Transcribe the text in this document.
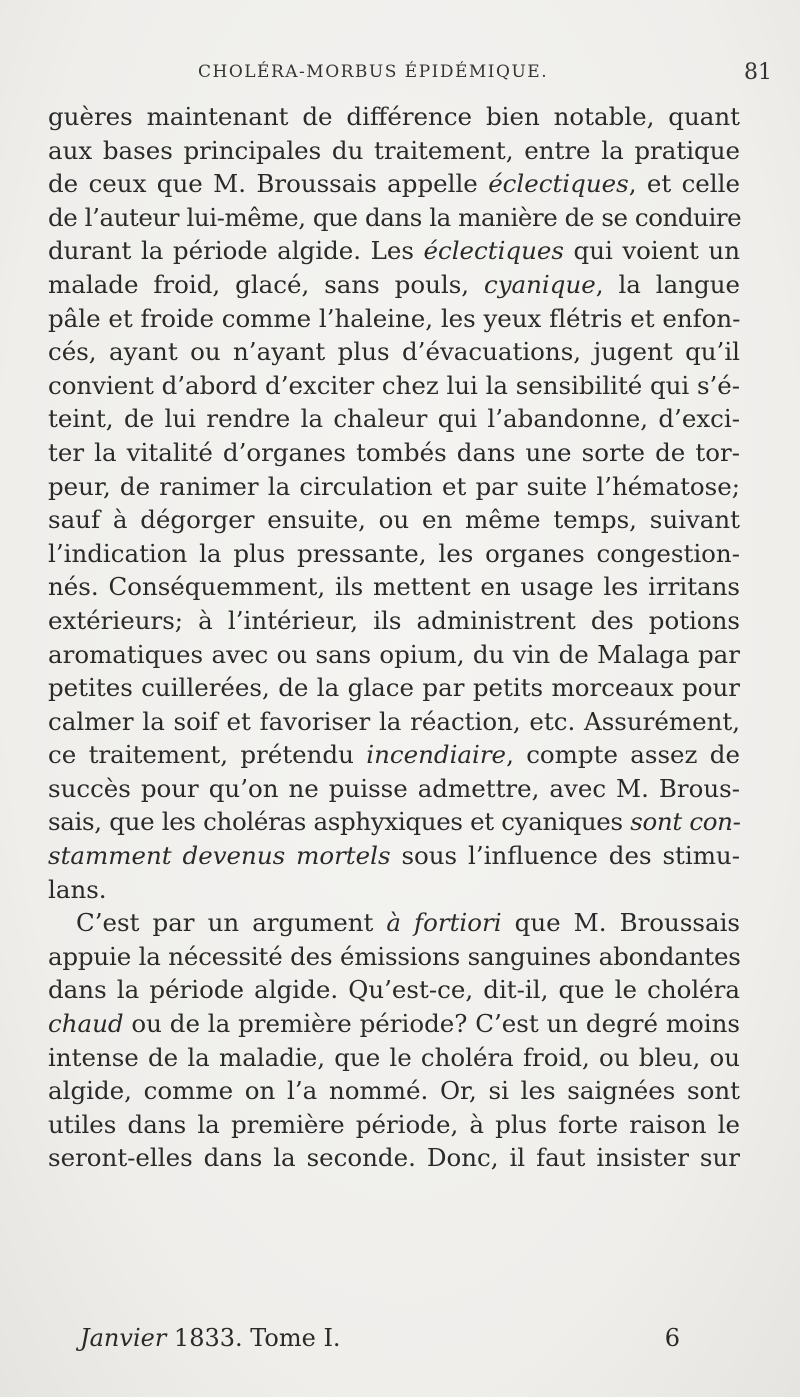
CHOLÉRA-MORBUS ÉPIDÉMIQUE.	81
guères maintenant de différence bien notable, quant
aux bases principales du traitement, entre la pratique
de ceux que M. Broussais appelle éclectiques, et celle
de l’auteur lui-même, que dans la manière de se conduire
durant la période algide. Les éclectiques qui voient un
malade froid, glacé, sans pouls, cyanique, la langue
pâle et froide comme l’haleine, les yeux flétris et enfon-
cés, ayant ou n’ayant plus d’évacuations, jugent qu’il
convient d’abord d’exciter chez lui la sensibilité qui s’é-
teint, de lui rendre la chaleur qui l’abandonne, d’exci-
ter la vitalité d’organes tombés dans une sorte de tor-
peur, de ranimer la circulation et par suite l’hématose;
sauf à dégorger ensuite, ou en même temps, suivant
l’indication la plus pressante, les organes congestion-
nés. Conséquemment, ils mettent en usage les irritans
extérieurs; à l’intérieur, ils administrent des potions
aromatiques avec ou sans opium, du vin de Malaga par
petites cuillerées, de la glace par petits morceaux pour
calmer la soif et favoriser la réaction, etc. Assurément,
ce traitement, prétendu incendiaire, compte assez de
succès pour qu’on ne puisse admettre, avec M. Brous-
sais, que les choléras asphyxiques et cyaniques sont con-
stamment devenus mortels sous l’influence des stimu-
lans.
C’est par un argument à fortiori que M. Broussais
appuie la nécessité des émissions sanguines abondantes
dans la période algide. Qu’est-ce, dit-il, que le choléra
chaud ou de la première période? C’est un degré moins
intense de la maladie, que le choléra froid, ou bleu, ou
algide, comme on l’a nommé. Or, si les saignées sont
utiles dans la première période, à plus forte raison le
seront-elles dans la seconde. Donc, il faut insister sur
Janvier 1833. Tome I.	6
